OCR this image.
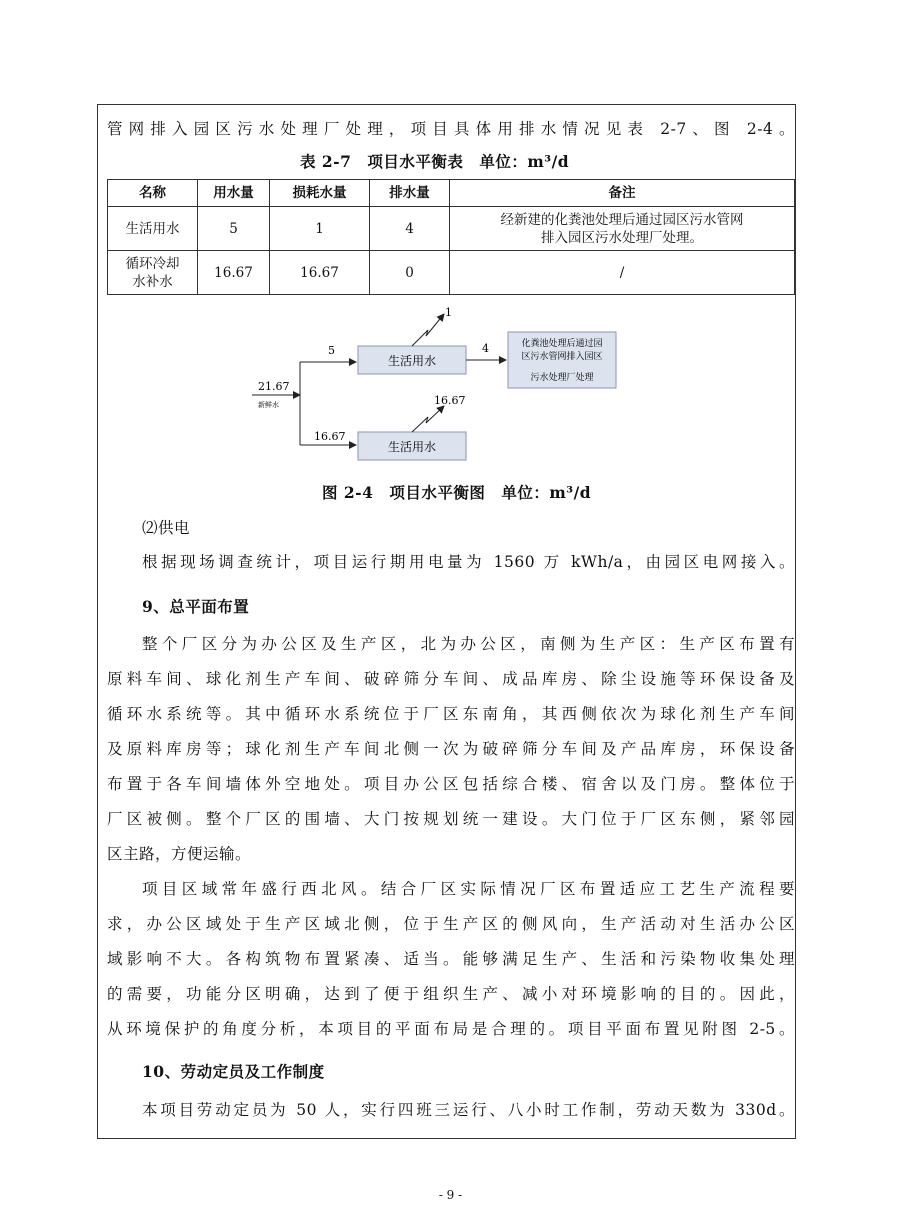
管网排入园区污水处理厂处理，项目具体用排水情况见表 2-7、图 2-4。

表 2-7　项目水平衡表　单位：m³/d
名称	用水量	损耗水量	排水量	备注
生活用水	5	1	4	经新建的化粪池处理后通过园区污水管网
排入园区污水处理厂处理。

循环冷却
水补水	16.67	16.67	0	/
21.67
新鲜水
5
生活用水
1
4	化粪池处理后通过园
区污水管网排入园区
污水处理厂处理
16.67
生活用水
16.67
图 2-4　项目水平衡图　单位：m³/d

⑵供电

根据现场调查统计，项目运行期用电量为 1560 万 kWh/a，由园区电网接入。

9、总平面布置

整个厂区分为办公区及生产区，北为办公区，南侧为生产区：生产区布置有

原料车间、球化剂生产车间、破碎筛分车间、成品库房、除尘设施等环保设备及

循环水系统等。其中循环水系统位于厂区东南角，其西侧依次为球化剂生产车间

及原料库房等；球化剂生产车间北侧一次为破碎筛分车间及产品库房，环保设备

布置于各车间墙体外空地处。项目办公区包括综合楼、宿舍以及门房。整体位于

厂区被侧。整个厂区的围墙、大门按规划统一建设。大门位于厂区东侧，紧邻园

区主路，方便运输。

项目区域常年盛行西北风。结合厂区实际情况厂区布置适应工艺生产流程要

求，办公区域处于生产区域北侧，位于生产区的侧风向，生产活动对生活办公区

域影响不大。各构筑物布置紧凑、适当。能够满足生产、生活和污染物收集处理

的需要，功能分区明确，达到了便于组织生产、减小对环境影响的目的。因此，

从环境保护的角度分析，本项目的平面布局是合理的。项目平面布置见附图 2-5。

10、劳动定员及工作制度

本项目劳动定员为 50 人，实行四班三运行、八小时工作制，劳动天数为 330d。

- 9 -
